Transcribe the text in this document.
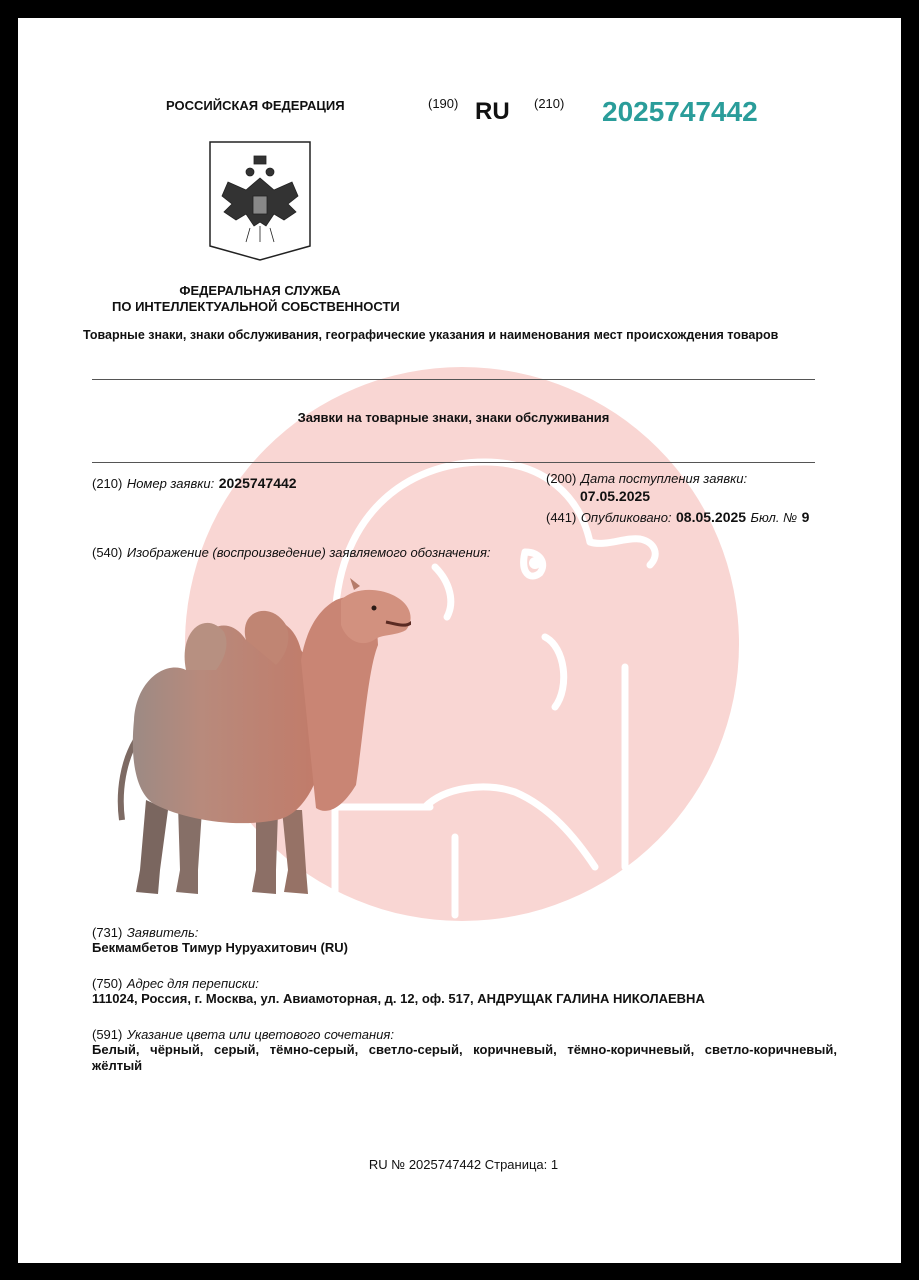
РОССИЙСКАЯ ФЕДЕРАЦИЯ	(190) RU (210) 2025747442
ФЕДЕРАЛЬНАЯ СЛУЖБА
ПО ИНТЕЛЛЕКТУАЛЬНОЙ СОБСТВЕННОСТИ
Товарные знаки, знаки обслуживания, географические указания и наименования мест происхождения товаров
Заявки на товарные знаки, знаки обслуживания
(210) Номер заявки: 2025747442	(200) Дата поступления заявки:
07.05.2025
(441) Опубликовано: 08.05.2025 Бюл. № 9
(540) Изображение (воспроизведение) заявляемого обозначения:
(731) Заявитель:
Бекмамбетов Тимур Нуруахитович (RU)
(750) Адрес для переписки:
111024, Россия, г. Москва, ул. Авиамоторная, д. 12, оф. 517, АНДРУЩАК ГАЛИНА НИКОЛАЕВНА
(591) Указание цвета или цветового сочетания:
Белый, чёрный, серый, тёмно-серый, светло-серый, коричневый, тёмно-коричневый, светло-коричневый, жёлтый
RU № 2025747442 Страница: 1
